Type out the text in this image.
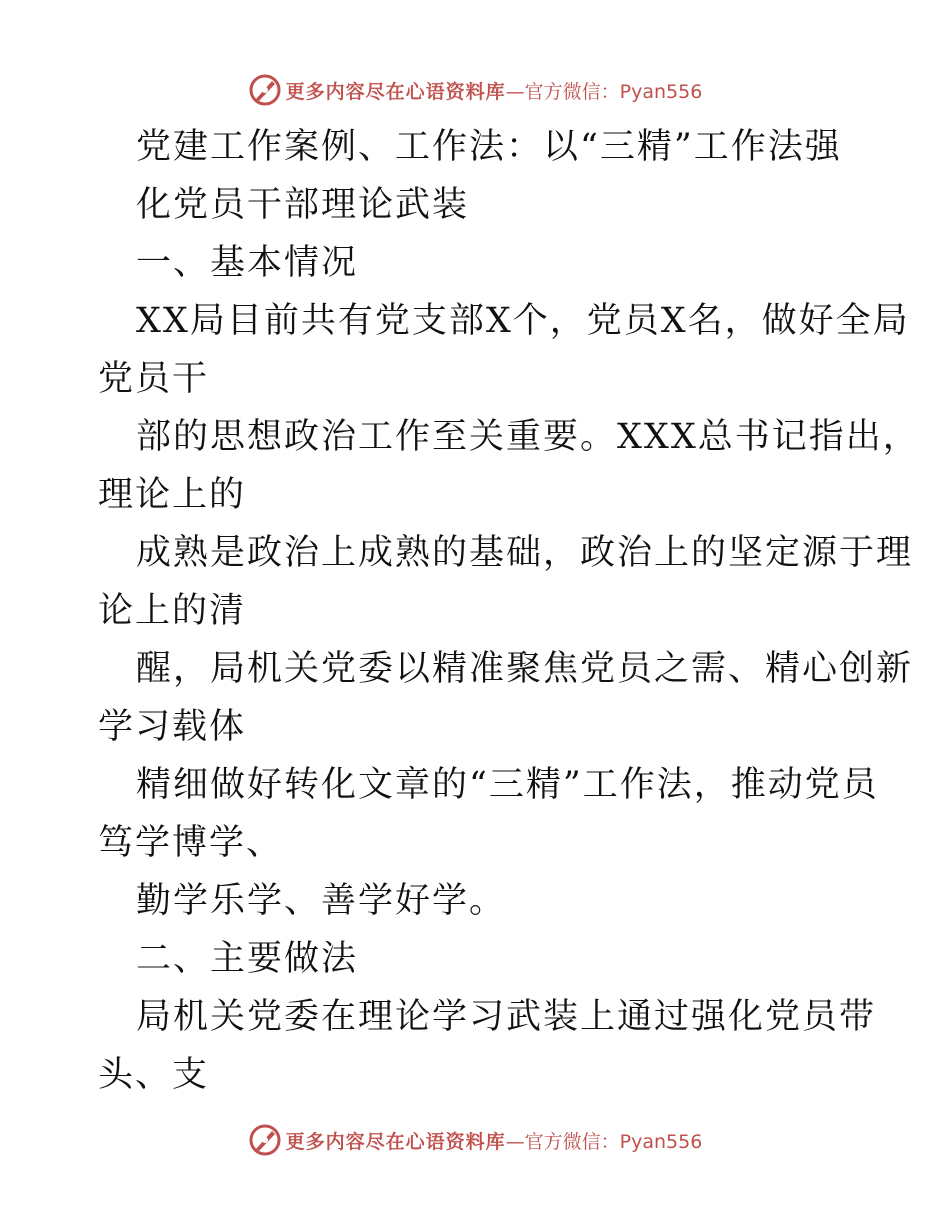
更多内容尽在心语资料库 —官方微信：Pyan556
党建工作案例、工作法：以“三精”工作法强
化党员干部理论武装
一、基本情况
XX局目前共有党支部X个，党员X名，做好全局
党员干
部的思想政治工作至关重要。XXX总书记指出，
理论上的
成熟是政治上成熟的基础，政治上的坚定源于理
论上的清
醒，局机关党委以精准聚焦党员之需、精心创新
学习载体
精细做好转化文章的“三精”工作法，推动党员
笃学博学、
勤学乐学、善学好学。
二、主要做法
局机关党委在理论学习武装上通过强化党员带
头、支
更多内容尽在心语资料库 —官方微信：Pyan556
